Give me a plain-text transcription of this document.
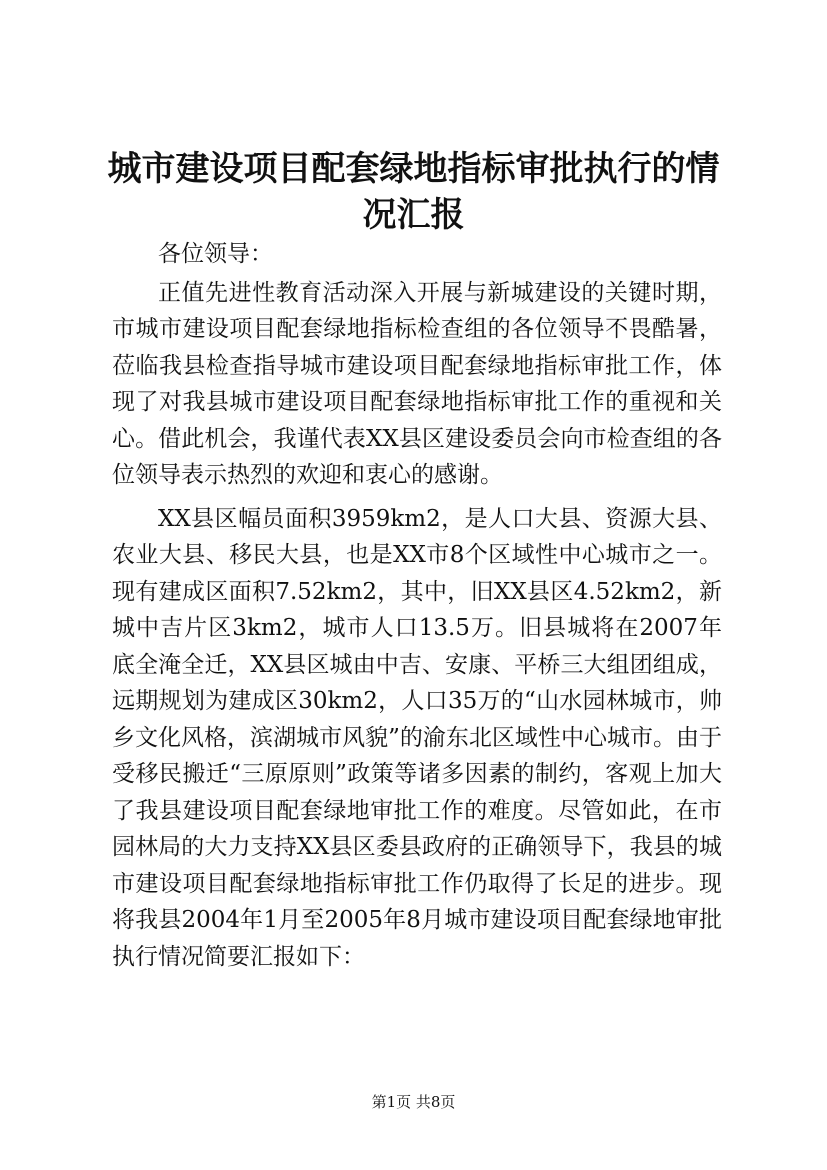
城市建设项目配套绿地指标审批执行的情况汇报

各位领导：

正值先进性教育活动深入开展与新城建设的关键时期，市城市建设项目配套绿地指标检查组的各位领导不畏酷暑，莅临我县检查指导城市建设项目配套绿地指标审批工作，体现了对我县城市建设项目配套绿地指标审批工作的重视和关心。借此机会，我谨代表XX县区建设委员会向市检查组的各位领导表示热烈的欢迎和衷心的感谢。

XX县区幅员面积3959km2，是人口大县、资源大县、农业大县、移民大县，也是XX市8个区域性中心城市之一。现有建成区面积7.52km2，其中，旧XX县区4.52km2，新城中吉片区3km2，城市人口13.5万。旧县城将在2007年底全淹全迁，XX县区城由中吉、安康、平桥三大组团组成，远期规划为建成区30km2，人口35万的“山水园林城市，帅乡文化风格，滨湖城市风貌”的渝东北区域性中心城市。由于受移民搬迁“三原原则”政策等诸多因素的制约，客观上加大了我县建设项目配套绿地审批工作的难度。尽管如此，在市园林局的大力支持XX县区委县政府的正确领导下，我县的城市建设项目配套绿地指标审批工作仍取得了长足的进步。现将我县2004年1月至2005年8月城市建设项目配套绿地审批执行情况简要汇报如下：

第1页 共8页
